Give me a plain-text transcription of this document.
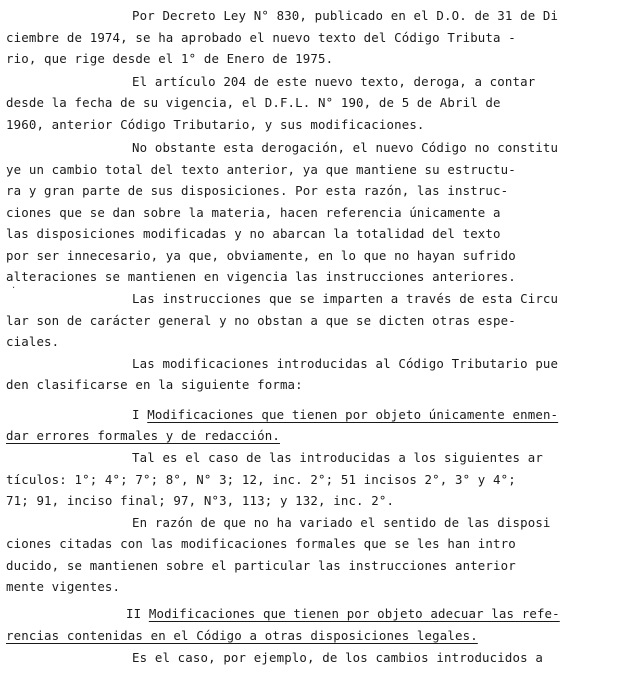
Por Decreto Ley N° 830, publicado en el D.O. de 31 de Di
ciembre de 1974, se ha aprobado el nuevo texto del Código Tributa -
rio, que rige desde el 1° de Enero de 1975.
El artículo 204 de este nuevo texto, deroga, a contar
desde la fecha de su vigencia, el D.F.L. N° 190, de 5 de Abril de
1960, anterior Código Tributario, y sus modificaciones.
No obstante esta derogación, el nuevo Código no constitu
ye un cambio total del texto anterior, ya que mantiene su estructu-
ra y gran parte de sus disposiciones. Por esta razón, las instruc-
ciones que se dan sobre la materia, hacen referencia únicamente a
las disposiciones modificadas y no abarcan la totalidad del texto
por ser innecesario, ya que, obviamente, en lo que no hayan sufrido
alteraciones se mantienen en vigencia las instrucciones anteriores.
Las instrucciones que se imparten a través de esta Circu
lar son de carácter general y no obstan a que se dicten otras espe-
ciales.
Las modificaciones introducidas al Código Tributario pue
den clasificarse en la siguiente forma:
I Modificaciones que tienen por objeto únicamente enmen-
dar errores formales y de redacción.
Tal es el caso de las introducidas a los siguientes ar
tículos: 1°; 4°; 7°; 8°, N° 3; 12, inc. 2°; 51 incisos 2°, 3° y 4°;
71; 91, inciso final; 97, N°3, 113; y 132, inc. 2°.
En razón de que no ha variado el sentido de las disposi
ciones citadas con las modificaciones formales que se les han intro
ducido, se mantienen sobre el particular las instrucciones anterior
mente vigentes.
II Modificaciones que tienen por objeto adecuar las refe-
rencias contenidas en el Código a otras disposiciones legales.
Es el caso, por ejemplo, de los cambios introducidos a
·
